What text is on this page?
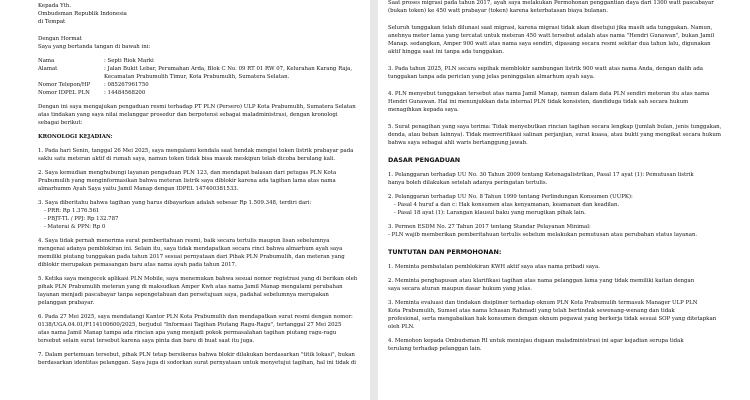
Kepada Yth.
Ombudsman Republik Indonesia
di Tempat
Dengan Hormat
Saya yang bertanda tangan di bawah ini:
Nama	: Septi Riok Marki
Alamat	: Jalan Bukit Lebar, Perumahan Arda, Blok C No. 09 RT 01 RW 07, Kelurahan Karang Raja,
Kecamatan Prabumulih Timur, Kota Prabumulih, Sumatera Selatan.
Nomor Telepon/HP	: 085267961750
Nomor IDPEL PLN	: 14484568200
Dengan ini saya mengajukan pengaduan resmi terhadap PT PLN (Persero) ULP Kota Prabumulih, Sumatera Selatan
atas tindakan yang saya nilai melanggar prosedur dan berpotensi sebagai maladministrasi, dengan kronologi
sebagai berikut:
KRONOLOGI KEJADIAN:
1. Pada hari Senin, tanggal 26 Mei 2025, saya mengalami kendala saat hendak mengisi token listrik prabayar pada
saklu satu meteran aktif di rumah saya, namun token tidak bisa masuk meskipun telah dicoba berulang kali.
2. Saya kemudian menghubungi layanan pengaduan PLN 123, dan mendapat balasan dari petugas PLN Kota
Prabumulih yang menginformasikan bahwa meteran listrik saya diblokir karena ada tagihan lama atas nama
almarhumm Ayah Saya yaitu Jamil Manap dengan IDPEL 147400381533.
3. Saya diberitahu bahwa tagihan yang harus dibayarkan adalah sebesar Rp 1.509.348, terdiri dari:
- PRR: Rp 1.376.561
- PBJT-TL / PPJ: Rp 132.787
- Materai & PPN: Rp 0
4. Saya tidak pernah menerima surat pemberitahuan resmi, baik secara tertulis maupun lisan sebelumnya
mengenai adanya pemblokiran ini. Selain itu, saya tidak mendapatkan secara rinci bahwa almarhum ayah saya
memiliki piutang tunggakan pada tahun 2017 sesuai pernyataan dari Pihak PLN Prabumulih, dan meteran yang
diblokir merupakan pemasangan baru atas nama ayah pada tahun 2017.
5. Ketika saya mengecek aplikasi PLN Mobile, saya menemukan bahwa sesuai nomor registrasi yang di berikan oleh
pihak PLN Prabumulih meteran yang di maksudkan Amper Kwh atas nama Jamil Manap mengalami perubahan
layanan menjadi pascabayar tanpa sepengetahuan dan persetujuan saya, padahal sebelumnya merupakan
pelanggan prabayar.
6. Pada 27 Mei 2025, saya mendatangi Kantor PLN Kota Prabumulih dan mendapatkan surat resmi dengan nomor:
0138/UGA.04.01/F114100600/2025, berjudul "Informasi Tagihan Piutang Ragu-Ragu", tertanggal 27 Mei 2025
atas nama Jamil Manap tampa ada rincian apa yang menjadi pokok permasalahan tagihan piutang ragu-ragu
tersebut selain surat tersebut karena saya pinta dan baru di buat saat itu juga.
7. Dalam pertemuan tersebut, pihak PLN tetap bersikeras bahwa blokir dilakukan berdasarkan "titik lokasi", bukan
berdasarkan identitas pelanggan. Saya juga di sodorkan surat pernyataan untuk menyetujui tagihan, hal ini tidak di
Saat proses migrasi pada tahun 2017, ayah saya melakukan Permohonan penggantian daya dari 1300 watt pascabayar
(bukan token) ke 450 watt prabayar (token) karena keterbatasan biaya bulanan.
Seluruh tunggakan telah dilunasi saat migrasi, karena migrasi tidak akan disetujui jika masih ada tunggakan. Namun,
anehnya meter lama yang tercatat untuk meteran 450 watt tersebut adalah atas nama "Hendri Gunawan", bukan Jamil
Manap. sedangkan, Amper 900 watt atas nama saya sendiri, dipasang secara resmi sekitar dua tahun lalu, digunakan
aktif hingga saat ini tanpa ada tunggakan.
3. Pada tahun 2025, PLN secara sepihak memblokir sambungan listrik 900 watt atas nama Anda, dengan dalih ada
tunggakan tanpa ada perician yang jelas peninggalan almarhum ayah saya.
4. PLN menyebut tunggakan tersebut atas nama Jamil Manap, namun dalam data PLN sendiri meteran itu atas nama
Hendri Gunawan. Hal ini menunjukkan data internal PLN tidak konsisten, dandiduga tidak sah secara hukum
menagihkan kepada saya.
5. Surat penagihan yang saya terima: Tidak menyebutkan rincian tagihan secara lengkap (jumlah bulan, jenis tunggakan,
denda, atau beban lainnya). Tidak memverifikasi salinan perjanjian, surat kuasa, atau bukti yang mengikat secara hukum
bahwa saya sebagai ahli waris bertanggung jawab.
DASAR PENGADUAN
1. Pelanggaran terhadap UU No. 30 Tahun 2009 tentang Ketenagalistrikan, Pasal 17 ayat (1): Pemutusan listrik
hanya boleh dilakukan setelah adanya peringatan tertulis.
2. Pelanggaran terhadap UU No. 8 Tahun 1999 tentang Perlindungan Konsumen (UUPK):
- Pasal 4 huruf a dan c: Hak konsumen atas kenyamanan, keamanan dan keadilan.
- Pasal 18 ayat (1): Larangan klausul baku yang merugikan pihak lain.
3. Permen ESDM No. 27 Tahun 2017 tentang Standar Pelayanan Minimal:
- PLN wajib memberikan pemberitahuan tertulis sebelum melakukan pemutusan atau perubahan status layanan.
TUNTUTAN DAN PERMOHONAN:
1. Meminta pembatalan pemblokiran KWH aktif saya atas nama pribadi saya.
2. Meminta penghapusan atau klarifikasi tagihan atas nama pelanggan lama yang tidak memiliki kaitan dengan
saya secara aturan maupun dasar hukum yang jelas.
3. Meminta evaluasi dan tindakan disipliner terhadap oknum PLN Kota Prabumulih termasuk Manager ULP PLN
Kota Prabumulih, Sumsel atas nama Ichasan Rahmadi yang telah bertindak sewenang-wenang dan tidak
profesional, serta mengabaikan hak konsumen dengan oknum pegawai yang berkerja tidak sesuai SOP yang ditetapkan
oleh PLN.
4. Memohon kepada Ombudsman RI untuk meninjau dugaan maladministrasi ini agar kejadian serupa tidak
terulang terhadap pelanggan lain.
